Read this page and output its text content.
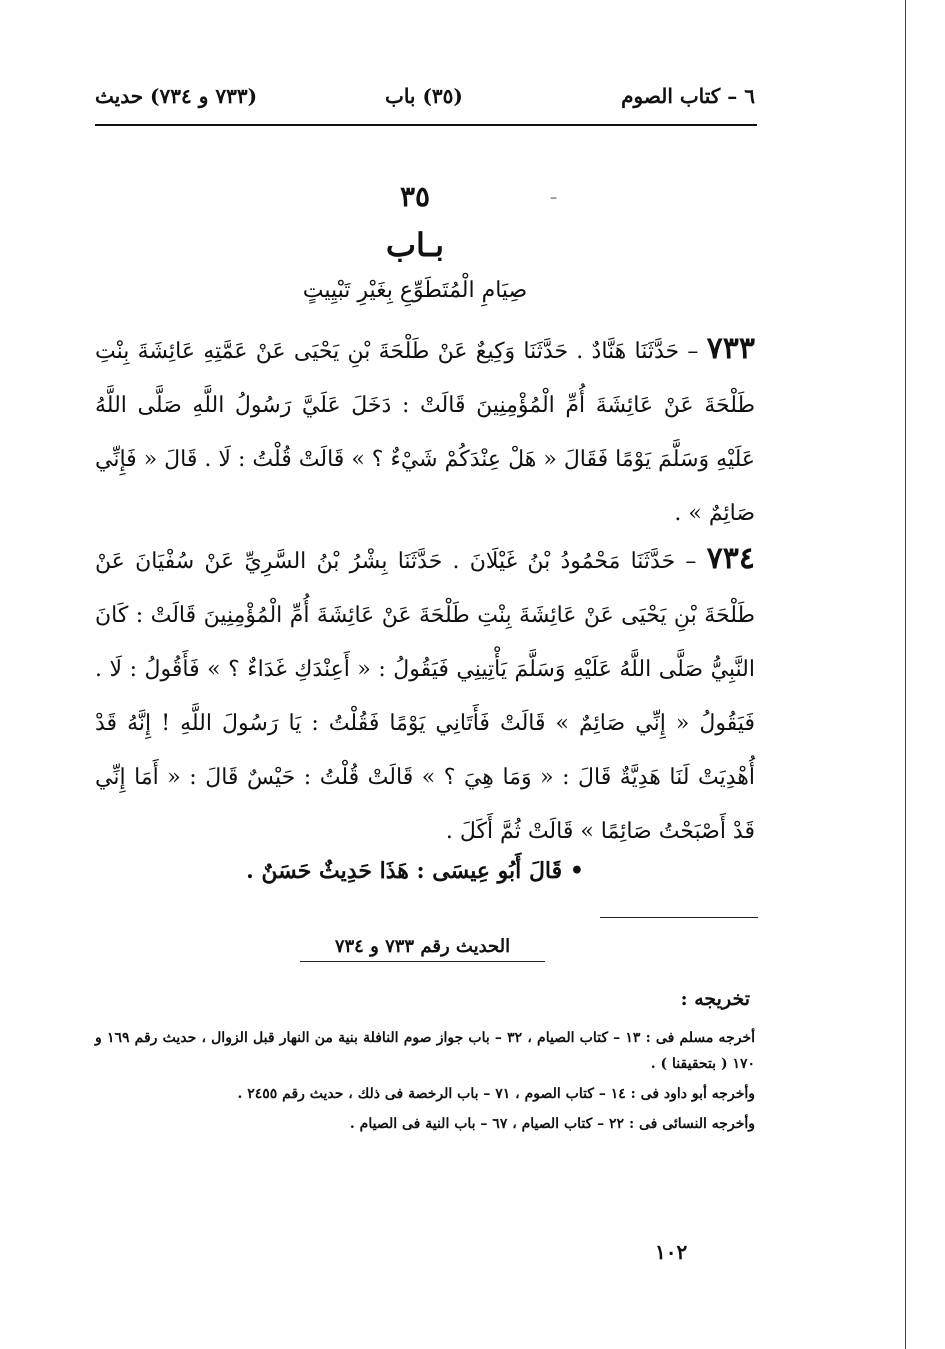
٦ – كتاب الصوم
(٣٥) باب
(٧٣٣ و ٧٣٤) حديث
–
٣٥
بـاب
صِيَامِ الْمُتَطَوِّعِ بِغَيْرِ تَبْيِيتٍ
٧٣٣ – حَدَّثَنَا هَنَّادٌ . حَدَّثَنَا وَكِيعٌ عَنْ طَلْحَةَ بْنِ يَحْيَى عَنْ عَمَّتِهِ عَائِشَةَ بِنْتِ طَلْحَةَ عَنْ عَائِشَةَ أُمِّ الْمُؤْمِنِينَ قَالَتْ : دَخَلَ عَلَيَّ رَسُولُ اللَّهِ صَلَّى اللَّهُ عَلَيْهِ وَسَلَّمَ يَوْمًا فَقَالَ « هَلْ عِنْدَكُمْ شَيْءٌ ؟ » قَالَتْ قُلْتُ : لَا . قَالَ « فَإِنِّي صَائِمٌ » .
٧٣٤ – حَدَّثَنَا مَحْمُودُ بْنُ غَيْلَانَ . حَدَّثَنَا بِشْرُ بْنُ السَّرِيِّ عَنْ سُفْيَانَ عَنْ طَلْحَةَ بْنِ يَحْيَى عَنْ عَائِشَةَ بِنْتِ طَلْحَةَ عَنْ عَائِشَةَ أُمِّ الْمُؤْمِنِينَ قَالَتْ : كَانَ النَّبِيُّ صَلَّى اللَّهُ عَلَيْهِ وَسَلَّمَ يَأْتِينِي فَيَقُولُ : « أَعِنْدَكِ غَدَاءٌ ؟ » فَأَقُولُ : لَا . فَيَقُولُ « إِنِّي صَائِمٌ » قَالَتْ فَأَتَانِي يَوْمًا فَقُلْتُ : يَا رَسُولَ اللَّهِ ! إِنَّهُ قَدْ أُهْدِيَتْ لَنَا هَدِيَّةٌ قَالَ : « وَمَا هِيَ ؟ » قَالَتْ قُلْتُ : حَيْسٌ قَالَ : « أَمَا إِنِّي قَدْ أَصْبَحْتُ صَائِمًا » قَالَتْ ثُمَّ أَكَلَ .
• قَالَ أَبُو عِيسَى : هَذَا حَدِيثٌ حَسَنٌ .
الحديث رقم ٧٣٣ و ٧٣٤
تخريجه :

أخرجه مسلم فى : ١٣ – كتاب الصيام ، ٣٢ – باب جواز صوم النافلة بنية من النهار قبل الزوال ، حديث رقم ١٦٩ و ١٧٠ ( بتحقيقنا ) .

وأخرجه أبو داود فى : ١٤ – كتاب الصوم ، ٧١ – باب الرخصة فى ذلك ، حديث رقم ٢٤٥٥ .

وأخرجه النسائى فى : ٢٢ – كتاب الصيام ، ٦٧ – باب النية فى الصيام .

١٠٢
